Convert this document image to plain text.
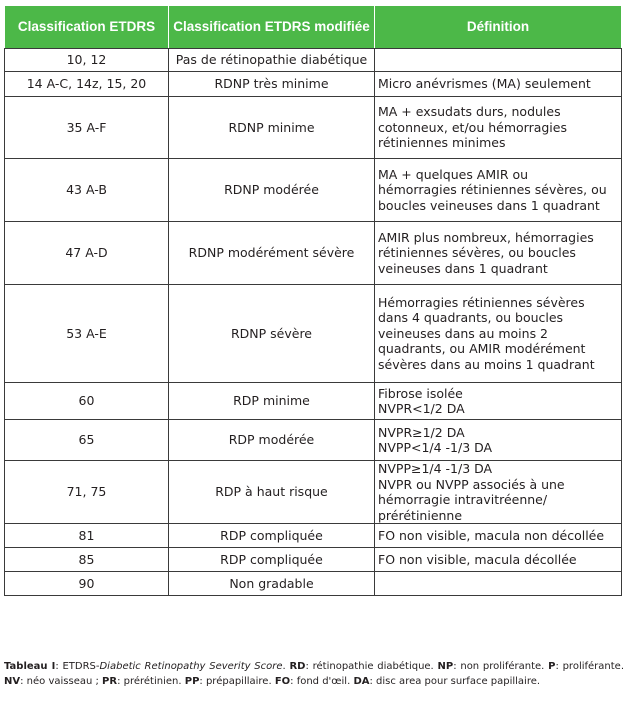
Classification ETDRS	Classification ETDRS modifiée	Définition
10, 12	Pas de rétinopathie diabétique	
14 A-C, 14z, 15, 20	RDNP très minime	Micro anévrismes (MA) seulement

35 A-F	RDNP minime	MA + exsudats durs, nodules
cotonneux, et/ou hémorragies
rétiniennes minimes

43 A-B	RDNP modérée	MA + quelques AMIR ou
hémorragies rétiniennes sévères, ou
boucles veineuses dans 1 quadrant

47 A-D	RDNP modérément sévère	AMIR plus nombreux, hémorragies
rétiniennes sévères, ou boucles
veineuses dans 1 quadrant

53 A-E	RDNP sévère	Hémorragies rétiniennes sévères
dans 4 quadrants, ou boucles
veineuses dans au moins 2
quadrants, ou AMIR modérément
sévères dans au moins 1 quadrant

60	RDP minime	Fibrose isolée
NVPR<1/2 DA

65	RDP modérée	NVPR≥1/2 DA
NVPP<1/4 -1/3 DA

71, 75	RDP à haut risque	NVPP≥1/4 -1/3 DA
NVPR ou NVPP associés à une
hémorragie intravitréenne/
prérétinienne

81	RDP compliquée	FO non visible, macula non décollée

85	RDP compliquée	FO non visible, macula décollée

90	Non gradable	
Tableau I: ETDRS-Diabetic Retinopathy Severity Score. RD: rétinopathie diabétique. NP: non proliférante. P: proliférante. NV: néo vaisseau ; PR: prérétinien. PP: prépapillaire. FO: fond d'œil. DA: disc area pour surface papillaire.
